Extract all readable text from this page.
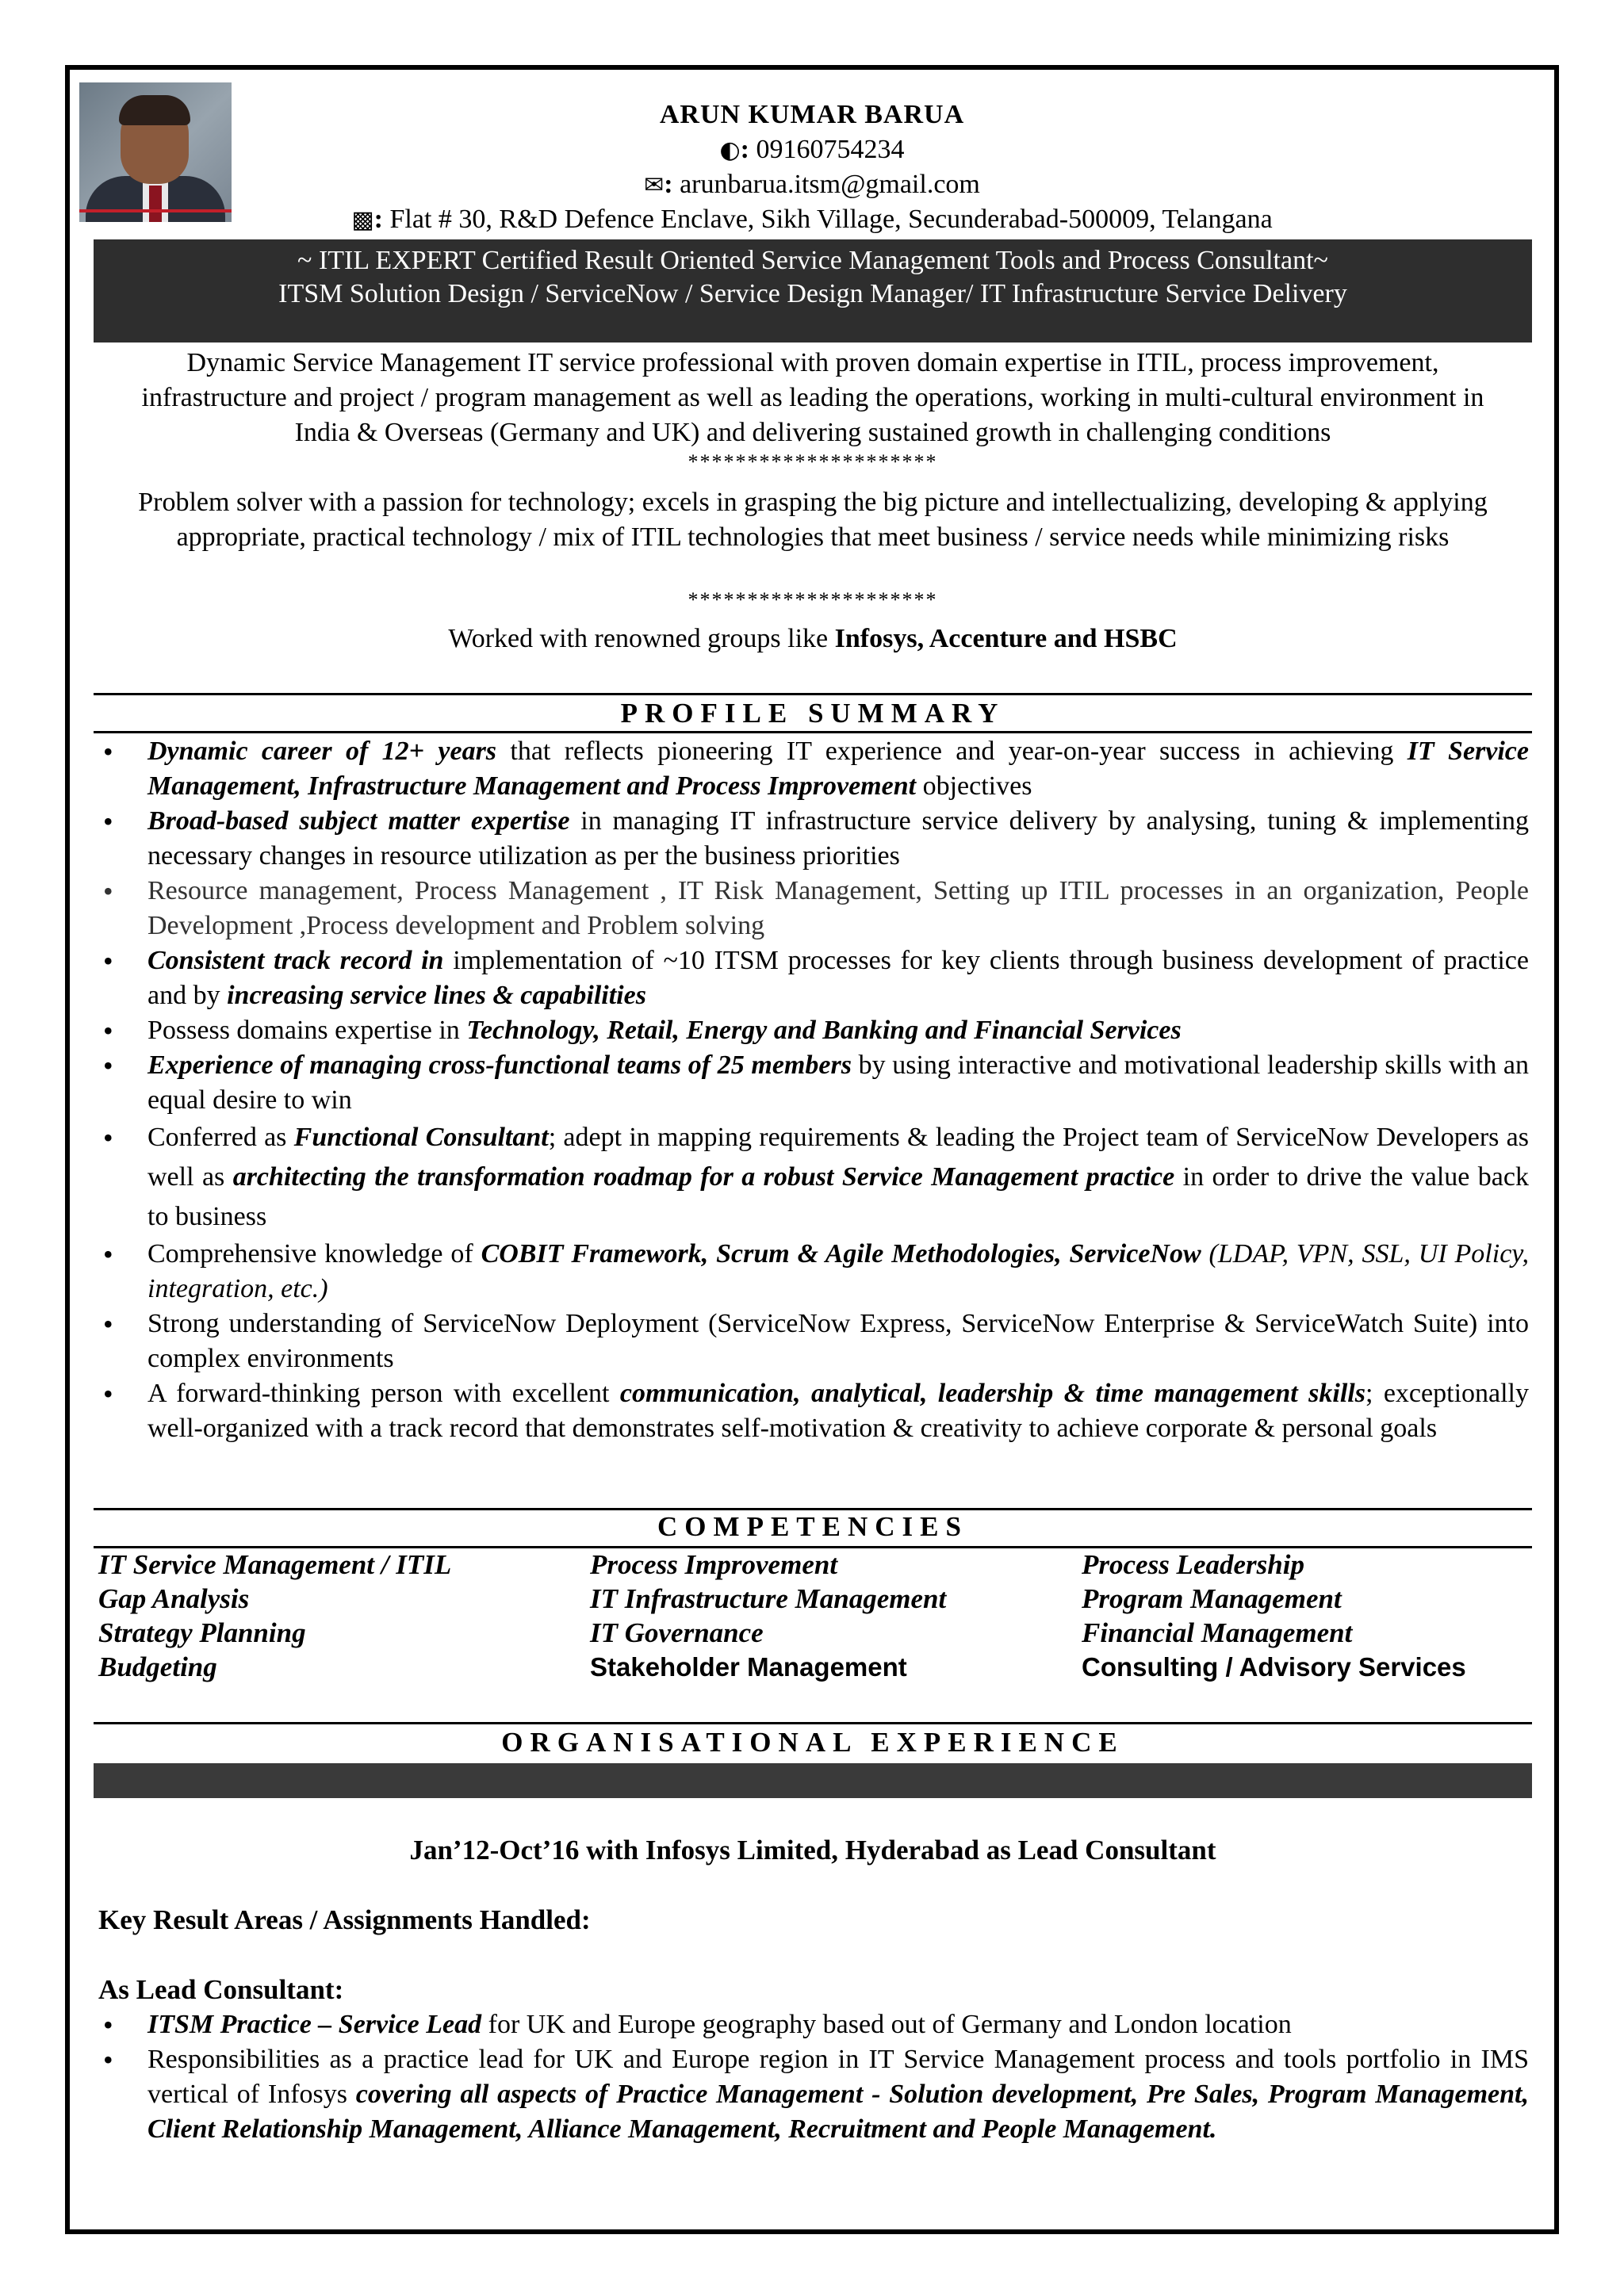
ARUN KUMAR BARUA
◐: 09160754234
✉: arunbarua.itsm@gmail.com
▩: Flat # 30, R&D Defence Enclave, Sikh Village, Secunderabad-500009, Telangana
~ ITIL EXPERT Certified Result Oriented Service Management Tools and Process Consultant~
ITSM Solution Design / ServiceNow / Service Design Manager/ IT Infrastructure Service Delivery
Dynamic Service Management IT service professional with proven domain expertise in ITIL, process improvement, infrastructure and project / program management as well as leading the operations, working in multi-cultural environment in India & Overseas (Germany and UK) and delivering sustained growth in challenging conditions
*********************
Problem solver with a passion for technology; excels in grasping the big picture and intellectualizing, developing & applying appropriate, practical technology / mix of ITIL technologies that meet business / service needs while minimizing risks
*********************
Worked with renowned groups like Infosys, Accenture and HSBC
PROFILE SUMMARY
• Dynamic career of 12+ years that reflects pioneering IT experience and year-on-year success in achieving IT Service Management, Infrastructure Management and Process Improvement objectives
• Broad-based subject matter expertise in managing IT infrastructure service delivery by analysing, tuning & implementing necessary changes in resource utilization as per the business priorities
• Resource management, Process Management , IT Risk Management, Setting up ITIL processes in an organization, People Development ,Process development and Problem solving
• Consistent track record in implementation of ~10 ITSM processes for key clients through business development of practice and by increasing service lines & capabilities
• Possess domains expertise in Technology, Retail, Energy and Banking and Financial Services
• Experience of managing cross-functional teams of 25 members by using interactive and motivational leadership skills with an equal desire to win
• Conferred as Functional Consultant; adept in mapping requirements & leading the Project team of ServiceNow Developers as well as architecting the transformation roadmap for a robust Service Management practice in order to drive the value back to business
• Comprehensive knowledge of COBIT Framework, Scrum & Agile Methodologies, ServiceNow (LDAP, VPN, SSL, UI Policy, integration, etc.)
• Strong understanding of ServiceNow Deployment (ServiceNow Express, ServiceNow Enterprise & ServiceWatch Suite) into complex environments
• A forward-thinking person with excellent communication, analytical, leadership & time management skills; exceptionally well-organized with a track record that demonstrates self-motivation & creativity to achieve corporate & personal goals
COMPETENCIES
IT Service Management / ITIL
Gap Analysis
Strategy Planning
Budgeting
Process Improvement
IT Infrastructure Management
IT Governance
Stakeholder Management
Process Leadership
Program Management
Financial Management
Consulting / Advisory Services
ORGANISATIONAL EXPERIENCE
Jan’12-Oct’16 with Infosys Limited, Hyderabad as Lead Consultant
Key Result Areas / Assignments Handled:
As Lead Consultant:
• ITSM Practice – Service Lead for UK and Europe geography based out of Germany and London location
• Responsibilities as a practice lead for UK and Europe region in IT Service Management process and tools portfolio in IMS vertical of Infosys covering all aspects of Practice Management - Solution development, Pre Sales, Program Management, Client Relationship Management, Alliance Management, Recruitment and People Management.
